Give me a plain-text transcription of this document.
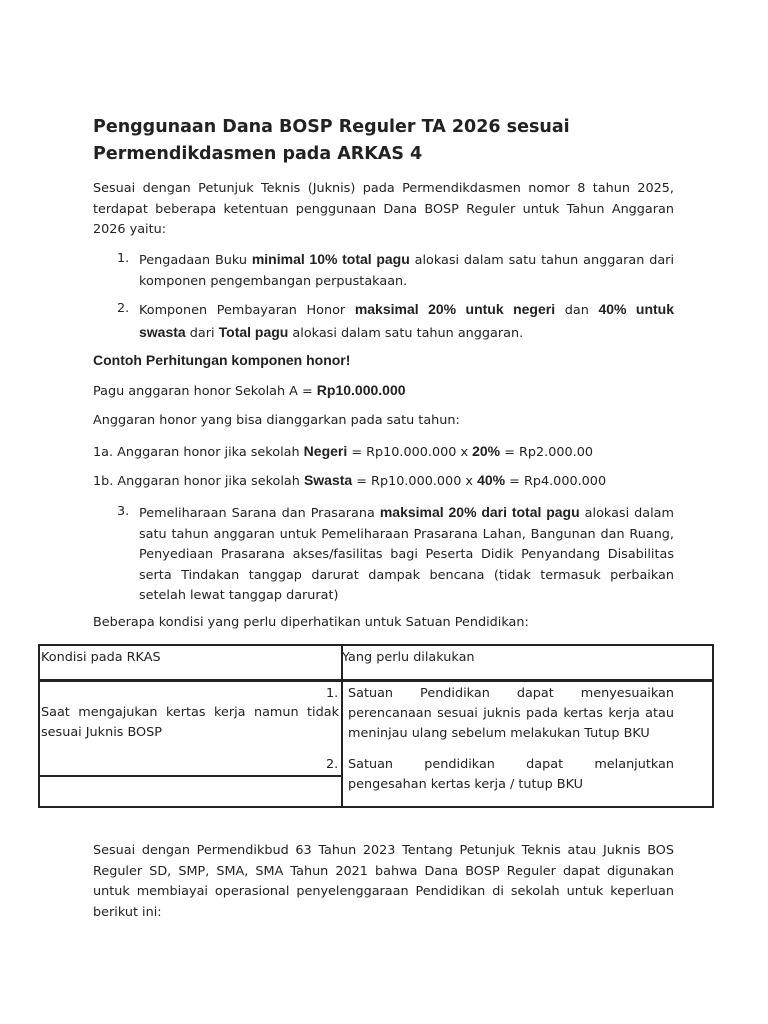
Penggunaan Dana BOSP Reguler TA 2026 sesuai Permendikdasmen pada ARKAS 4

Sesuai dengan Petunjuk Teknis (Juknis) pada Permendikdasmen nomor 8 tahun 2025, terdapat beberapa ketentuan penggunaan Dana BOSP Reguler untuk Tahun Anggaran 2026 yaitu:

1. Pengadaan Buku minimal 10% total pagu alokasi dalam satu tahun anggaran dari komponen pengembangan perpustakaan.

2. Komponen Pembayaran Honor maksimal 20% untuk negeri dan 40% untuk swasta dari Total pagu alokasi dalam satu tahun anggaran.

Contoh Perhitungan komponen honor!

Pagu anggaran honor Sekolah A = Rp10.000.000

Anggaran honor yang bisa dianggarkan pada satu tahun:

1a. Anggaran honor jika sekolah Negeri = Rp10.000.000 x 20% = Rp2.000.00

1b. Anggaran honor jika sekolah Swasta = Rp10.000.000 x 40% = Rp4.000.000

3. Pemeliharaan Sarana dan Prasarana maksimal 20% dari total pagu alokasi dalam satu tahun anggaran untuk Pemeliharaan Prasarana Lahan, Bangunan dan Ruang, Penyediaan Prasarana akses/fasilitas bagi Peserta Didik Penyandang Disabilitas serta Tindakan tanggap darurat dampak bencana (tidak termasuk perbaikan setelah lewat tanggap darurat)

Beberapa kondisi yang perlu diperhatikan untuk Satuan Pendidikan:

Kondisi pada RKAS	Yang perlu dilakukan
Saat mengajukan kertas kerja namun tidak sesuai Juknis BOSP
1. Satuan Pendidikan dapat menyesuaikan perencanaan sesuai juknis pada kertas kerja atau meninjau ulang sebelum melakukan Tutup BKU
2. Satuan pendidikan dapat melanjutkan pengesahan kertas kerja / tutup BKU

Sesuai dengan Permendikbud 63 Tahun 2023 Tentang Petunjuk Teknis atau Juknis BOS Reguler SD, SMP, SMA, SMA Tahun 2021 bahwa Dana BOSP Reguler dapat digunakan untuk membiayai operasional penyelenggaraan Pendidikan di sekolah untuk keperluan berikut ini:
